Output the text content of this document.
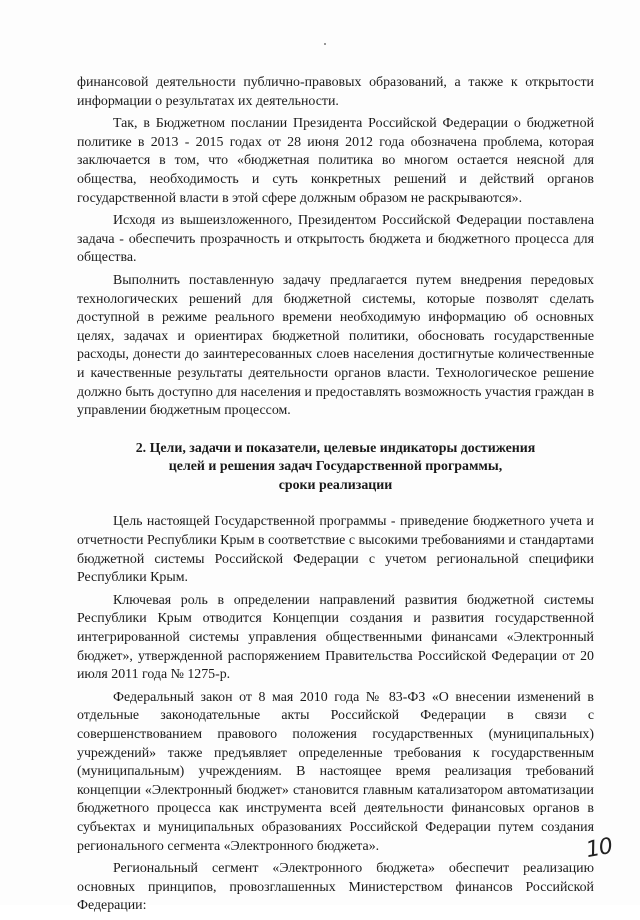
финансовой деятельности публично-правовых образований, а также к открытости информации о результатах их деятельности.

Так, в Бюджетном послании Президента Российской Федерации о бюджетной политике в 2013 - 2015 годах от 28 июня 2012 года обозначена проблема, которая заключается в том, что «бюджетная политика во многом остается неясной для общества, необходимость и суть конкретных решений и действий органов государственной власти в этой сфере должным образом не раскрываются».

Исходя из вышеизложенного, Президентом Российской Федерации поставлена задача - обеспечить прозрачность и открытость бюджета и бюджетного процесса для общества.

Выполнить поставленную задачу предлагается путем внедрения передовых технологических решений для бюджетной системы, которые позволят сделать доступной в режиме реального времени необходимую информацию об основных целях, задачах и ориентирах бюджетной политики, обосновать государственные расходы, донести до заинтересованных слоев населения достигнутые количественные и качественные результаты деятельности органов власти. Технологическое решение должно быть доступно для населения и предоставлять возможность участия граждан в управлении бюджетным процессом.

2. Цели, задачи и показатели, целевые индикаторы достижения
целей и решения задач Государственной программы,
сроки реализации

Цель настоящей Государственной программы - приведение бюджетного учета и отчетности Республики Крым в соответствие с высокими требованиями и стандартами бюджетной системы Российской Федерации с учетом региональной специфики Республики Крым.

Ключевая роль в определении направлений развития бюджетной системы Республики Крым отводится Концепции создания и развития государственной интегрированной системы управления общественными финансами «Электронный бюджет», утвержденной распоряжением Правительства Российской Федерации от 20 июля 2011 года № 1275-р.

Федеральный закон от 8 мая 2010 года № 83-ФЗ «О внесении изменений в отдельные законодательные акты Российской Федерации в связи с совершенствованием правового положения государственных (муниципальных) учреждений» также предъявляет определенные требования к государственным (муниципальным) учреждениям. В настоящее время реализация требований концепции «Электронный бюджет» становится главным катализатором автоматизации бюджетного процесса как инструмента всей деятельности финансовых органов в субъектах и муниципальных образованиях Российской Федерации путем создания регионального сегмента «Электронного бюджета».

Региональный сегмент «Электронного бюджета» обеспечит реализацию основных принципов, провозглашенных Министерством финансов Российской Федерации:

10
